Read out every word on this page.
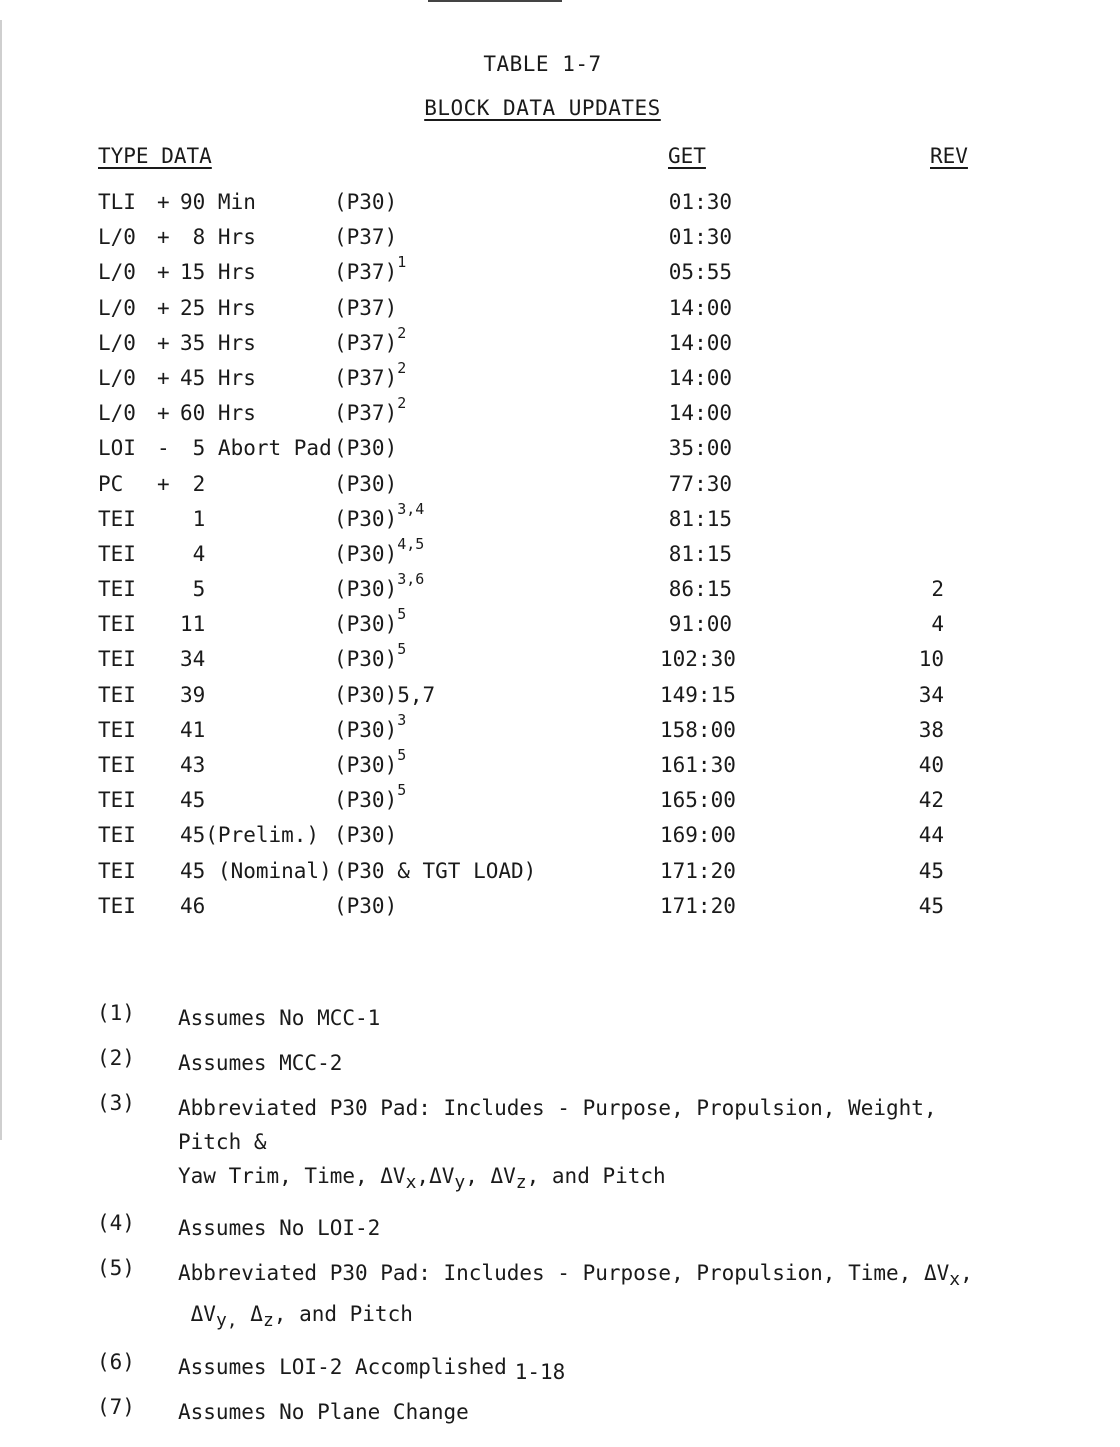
TABLE 1-7
BLOCK DATA UPDATES
TYPE DATA	GET	REV
TLI + 90 Min	(P30)	01:30
L/0 + 8 Hrs	(P37)	01:30
L/0 + 15 Hrs	$(P37)^1$	05:55
L/0 + 25 Hrs	(P37)	14:00
L/0 + 35 Hrs	$(P37)^2$	14:00
L/0 + 45 Hrs	$(P37)^2$	14:00
L/0 + 60 Hrs	$(P37)^2$	14:00
LOI - 5 Abort Pad (P30)	35:00
PC + 2	(P30)	77:30
TEI 1	$(P30)^{3,4}$	81:15
TEI 4	$(P30)^{4,5}$	81:15
TEI 5	$(P30)^{3,6}$	86:15	2
TEI 11	$(P30)^5$	91:00	4
TEI 34	$(P30)^5$	102:30	10
TEI 39	(P30)5,7	149:15	34
TEI 41	$(P30)^3$	158:00	38
TEI 43	$(P30)^5$	161:30	40
TEI 45	$(P30)^5$	165:00	42
TEI 45(Prelim.) (P30)	169:00	44
TEI 45 (Nominal) (P30 & TGT LOAD)	171:20	45
TEI 46	(P30)	171:20	45
(1) Assumes No MCC-1
(2) Assumes MCC-2
(3) Abbreviated P30 Pad: Includes - Purpose, Propulsion, Weight, Pitch &
Yaw Trim, Time, $\Delta V_x,\Delta V_y$, $\Delta V_z$, and Pitch
(4) Assumes No LOI-2
(5) Abbreviated P30 Pad: Includes - Purpose, Propulsion, Time, $\Delta V_x$,
$\Delta V_{y,}$ $\Delta_z$, and Pitch
(6) Assumes LOI-2 Accomplished
(7) Assumes No Plane Change
1-18
